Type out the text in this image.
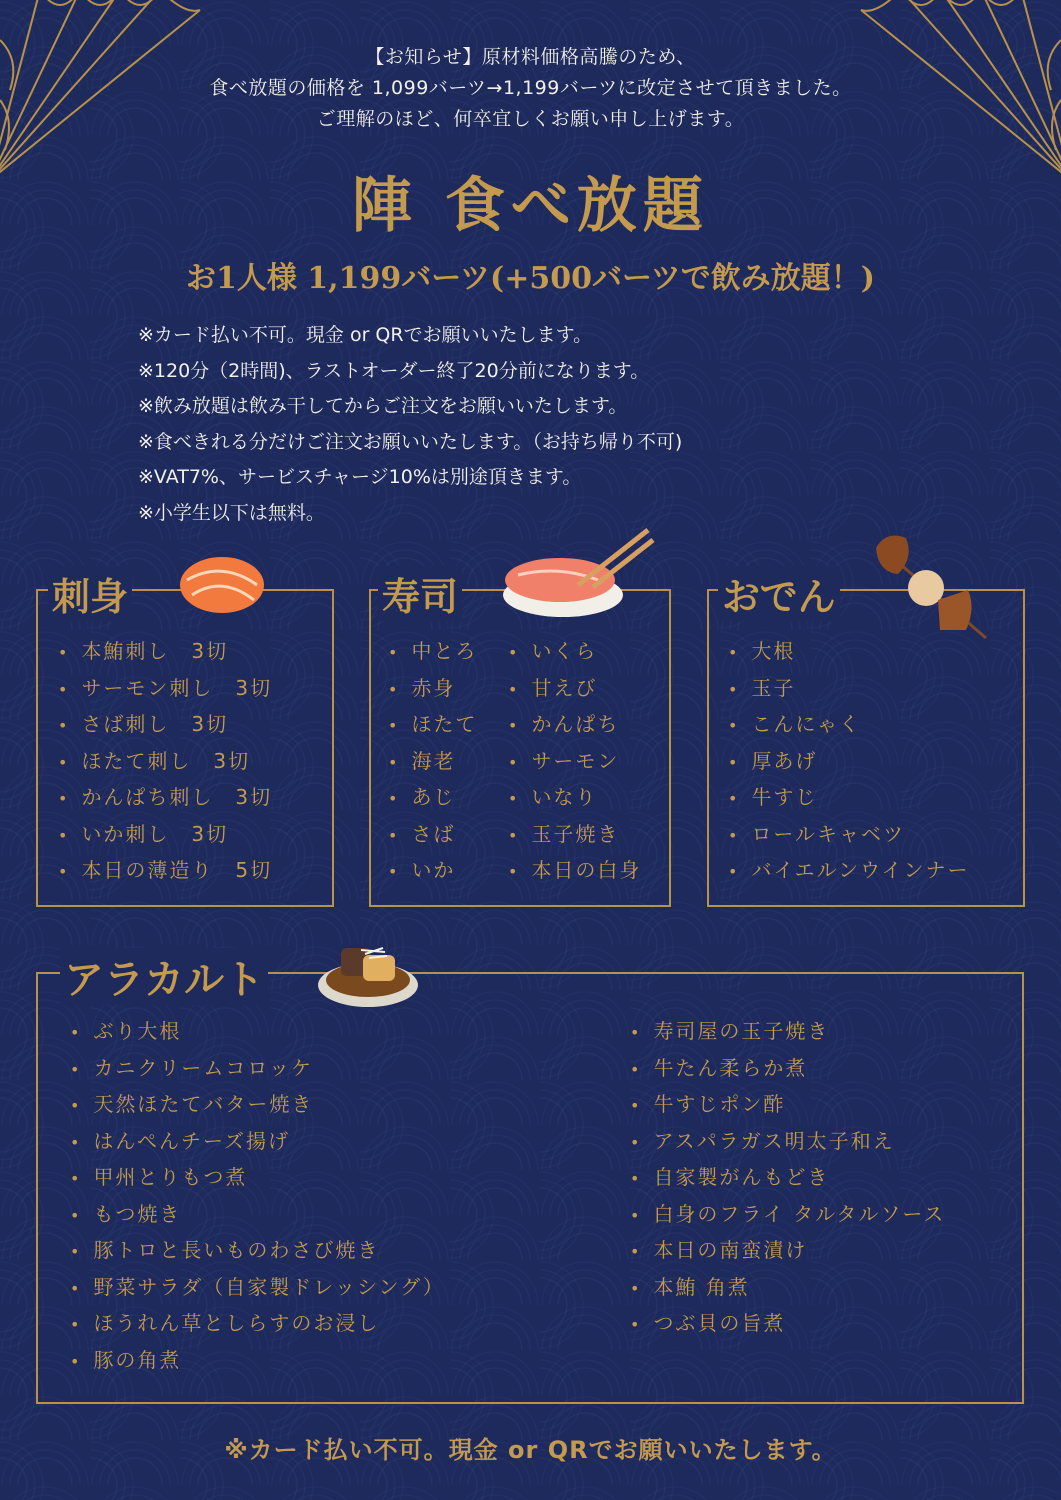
【お知らせ】原材料価格高騰のため、
食べ放題の価格を 1,099バーツ→1,199バーツに改定させて頂きました。
ご理解のほど、何卒宜しくお願い申し上げます。
陣 食べ放題
お1人様 1,199バーツ(+500バーツで飲み放題！)
※カード払い不可。現金 or QRでお願いいたします。
※120分（2時間)、ラストオーダー終了20分前になります。
※飲み放題は飲み干してからご注文をお願いいたします。
※食べきれる分だけご注文お願いいたします。（お持ち帰り不可)
※VAT7%、サービスチャージ10%は別途頂きます。
※小学生以下は無料。
刺身
• 本鮪刺し　3切
• サーモン刺し　3切
• さば刺し　3切
• ほたて刺し　3切
• かんぱち刺し　3切
• いか刺し　3切
• 本日の薄造り　5切
寿司
• 中とろ
• 赤身
• ほたて
• 海老
• あじ
• さば
• いか
• いくら
• 甘えび
• かんぱち
• サーモン
• いなり
• 玉子焼き
• 本日の白身
おでん
• 大根
• 玉子
• こんにゃく
• 厚あげ
• 牛すじ
• ロールキャベツ
• バイエルンウインナー
アラカルト
• ぶり大根
• カニクリームコロッケ
• 天然ほたてバター焼き
• はんぺんチーズ揚げ
• 甲州とりもつ煮
• もつ焼き
• 豚トロと長いものわさび焼き
• 野菜サラダ（自家製ドレッシング）
• ほうれん草としらすのお浸し
• 豚の角煮
• 寿司屋の玉子焼き
• 牛たん柔らか煮
• 牛すじポン酢
• アスパラガス明太子和え
• 自家製がんもどき
• 白身のフライ タルタルソース
• 本日の南蛮漬け
• 本鮪 角煮
• つぶ貝の旨煮
※カード払い不可。現金 or QRでお願いいたします。
